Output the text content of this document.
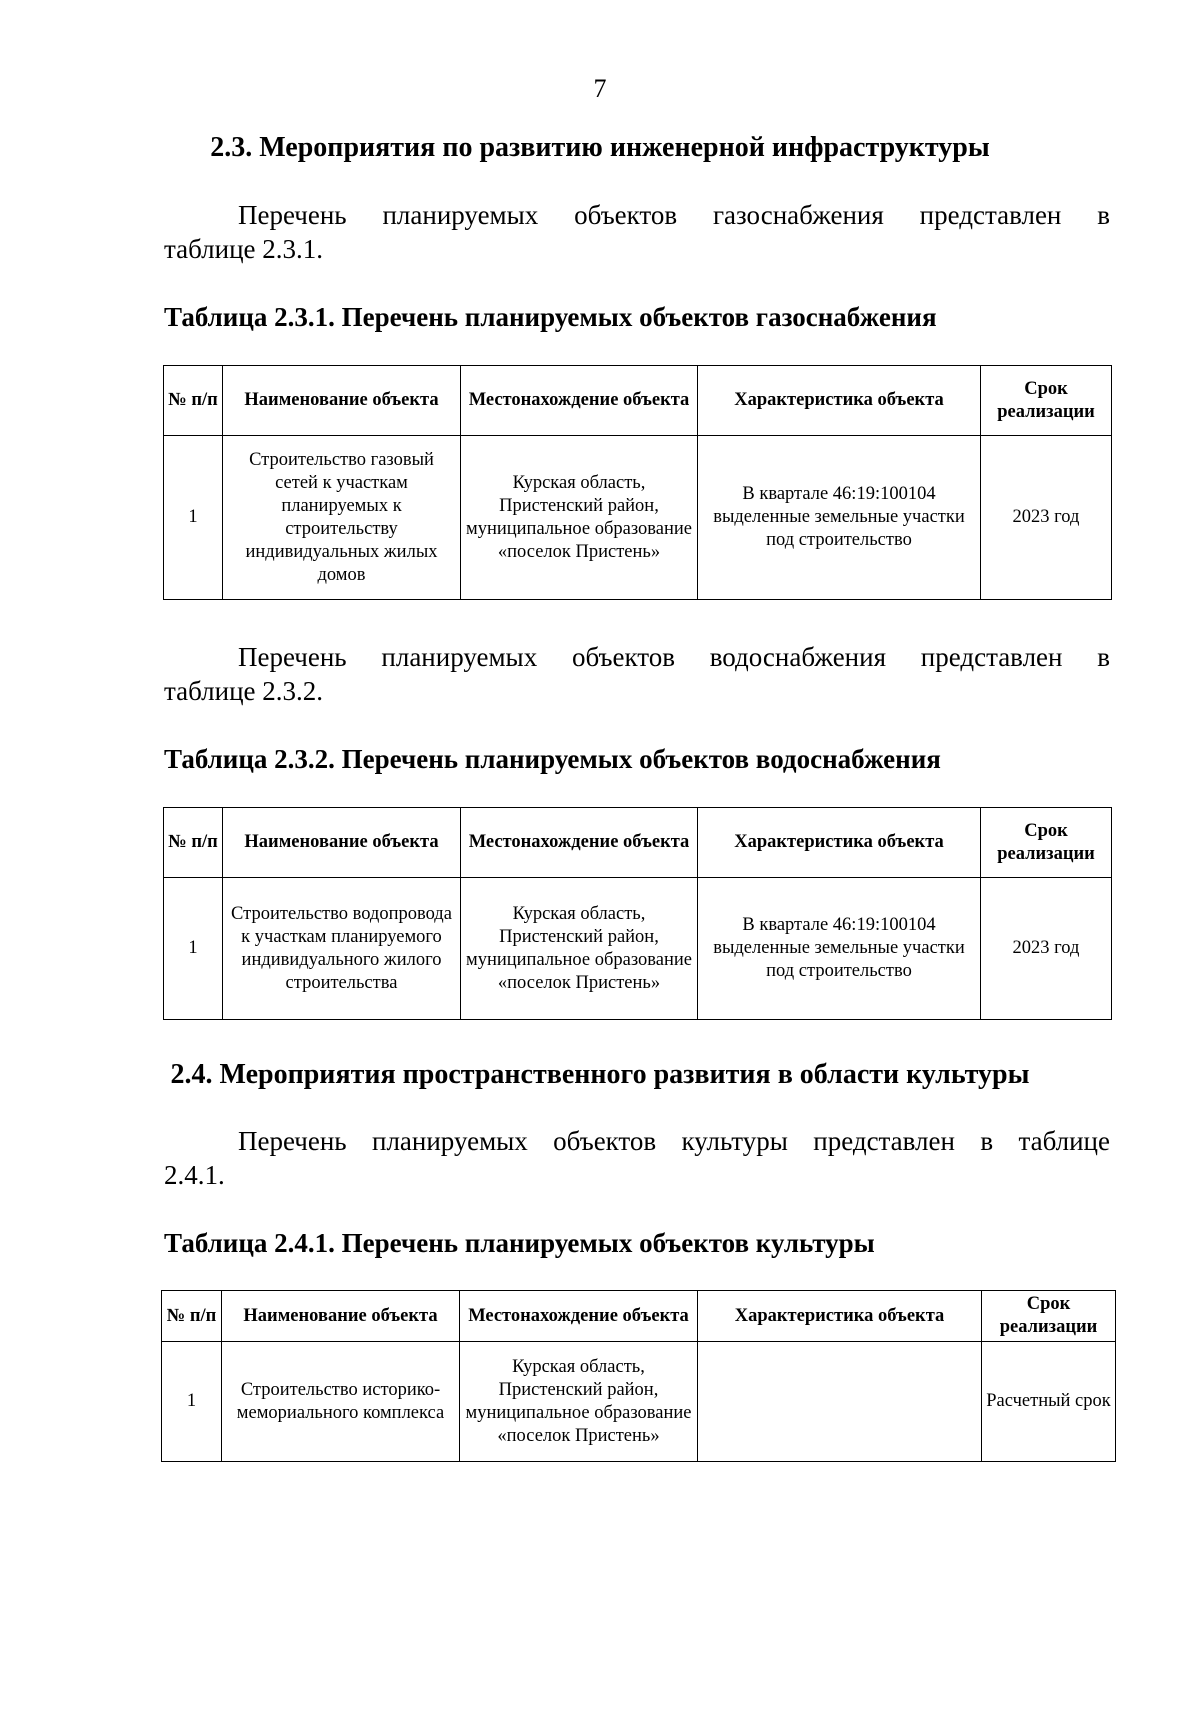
7
2.3. Мероприятия по развитию инженерной инфраструктуры
Перечень планируемых объектов газоснабжения представлен в
таблице 2.3.1.
Таблица 2.3.1. Перечень планируемых объектов газоснабжения
№ п/п	Наименование объекта	Местонахождение объекта	Характеристика объекта	Срок реализации
1	Строительство газовый сетей к участкам планируемых к строительству индивидуальных жилых домов	Курская область, Пристенский район, муниципальное образование «поселок Пристень»	В квартале 46:19:100104 выделенные земельные участки под строительство	2023 год
Перечень планируемых объектов водоснабжения представлен в
таблице 2.3.2.
Таблица 2.3.2. Перечень планируемых объектов водоснабжения
№ п/п	Наименование объекта	Местонахождение объекта	Характеристика объекта	Срок реализации
1	Строительство водопровода к участкам планируемого индивидуального жилого строительства	Курская область, Пристенский район, муниципальное образование «поселок Пристень»	В квартале 46:19:100104 выделенные земельные участки под строительство	2023 год
2.4. Мероприятия пространственного развития в области культуры
Перечень планируемых объектов культуры представлен в таблице
2.4.1.
Таблица 2.4.1. Перечень планируемых объектов культуры
№ п/п	Наименование объекта	Местонахождение объекта	Характеристика объекта	Срок реализации
1	Строительство историко-мемориального комплекса	Курская область, Пристенский район, муниципальное образование «поселок Пристень»		Расчетный срок
